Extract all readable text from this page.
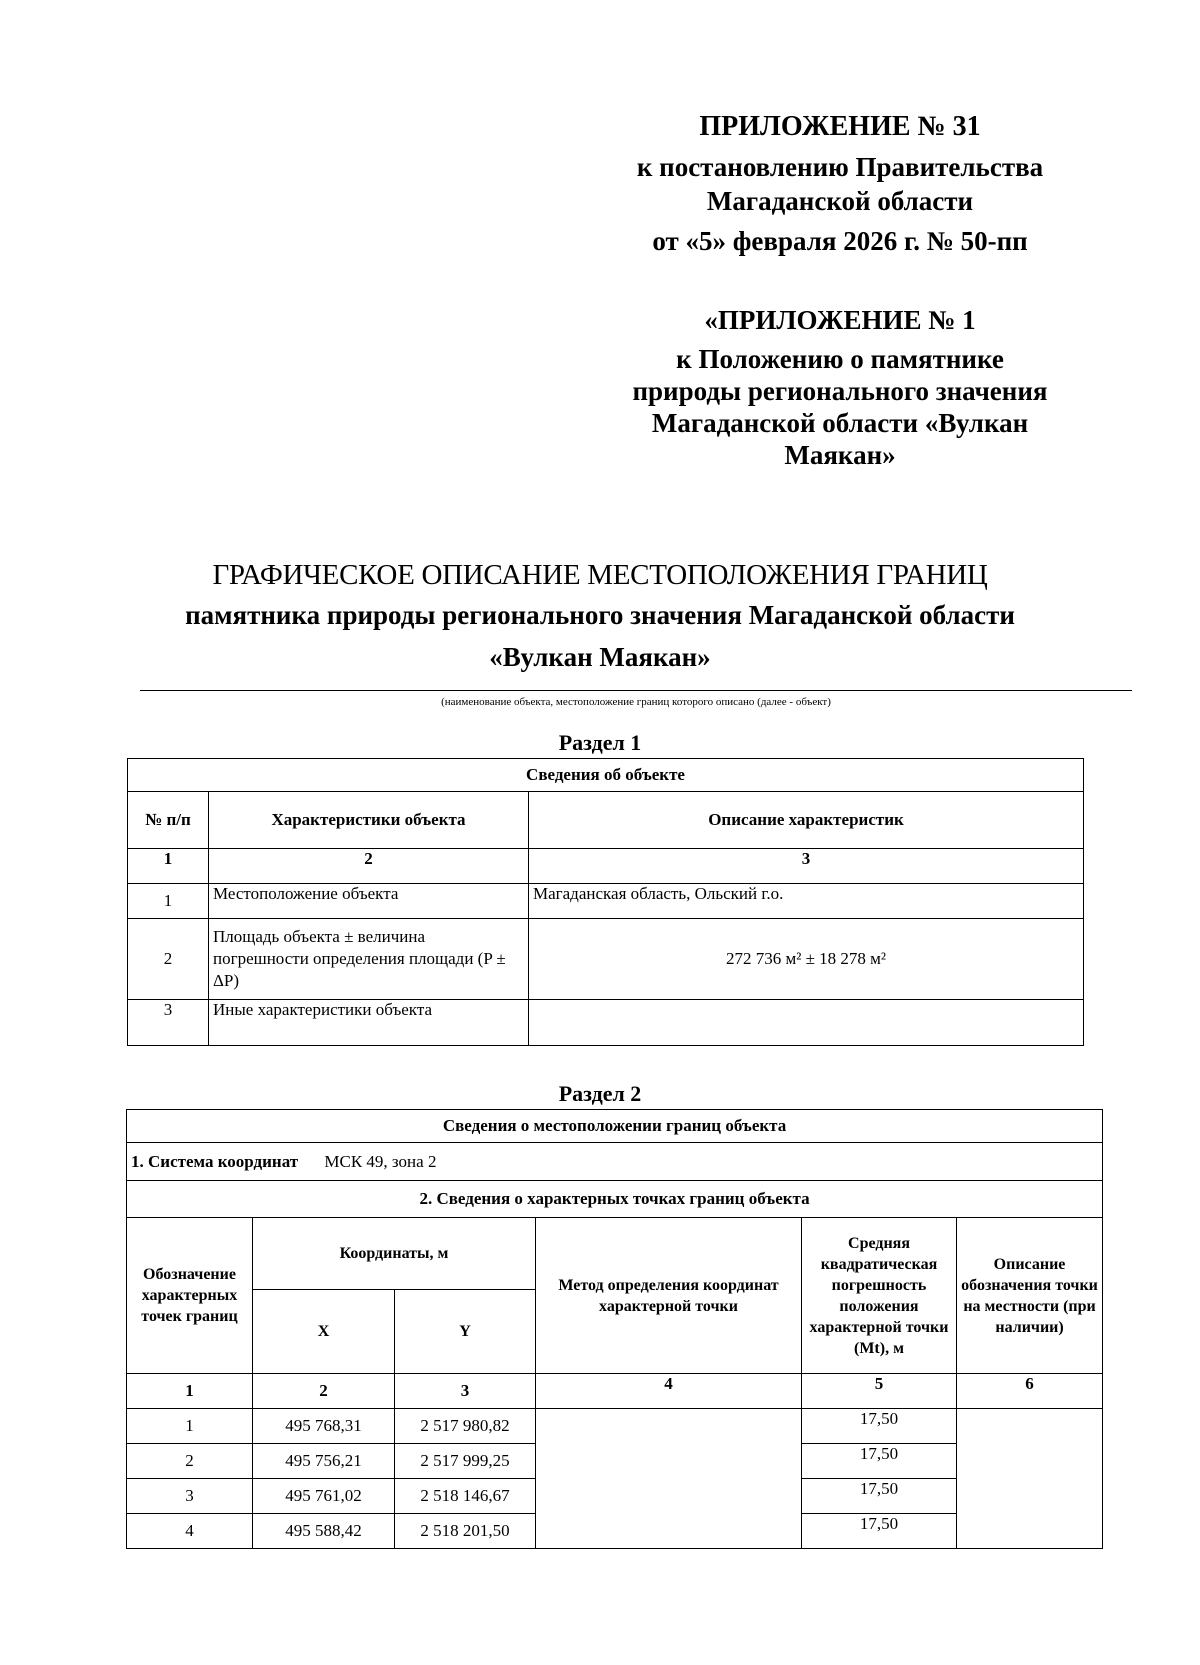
ПРИЛОЖЕНИЕ № 31
к постановлению Правительства
Магаданской области
от «5» февраля 2026 г. № 50-пп
«ПРИЛОЖЕНИЕ № 1
к Положению о памятнике
природы регионального значения
Магаданской области «Вулкан
Маякан»
ГРАФИЧЕСКОЕ ОПИСАНИЕ МЕСТОПОЛОЖЕНИЯ ГРАНИЦ
памятника природы регионального значения Магаданской области
«Вулкан Маякан»
(наименование объекта, местоположение границ которого описано (далее - объект)
Раздел 1
Сведения об объекте		
№ п/п	Характеристики объекта	Описание характеристик
1	2	3
1	Местоположение объекта	Магаданская область, Ольский г.о.
2	Площадь объекта ± величина погрешности определения площади (P ± ΔP)	272 736 м² ± 18 278 м²
3	Иные характеристики объекта	
Раздел 2
Сведения о местоположении границ объекта					
1. Система координат МСК 49, зона 2					
2. Сведения о характерных точках границ объекта					
Обозначение характерных точек границ	Координаты, м		Метод определения координат характерной точки	Средняя квадратическая погрешность положения характерной точки (Mt), м	Описание обозначения точки на местности (при наличии)
	X	Y			
1	2	3	4	5	6
1	495 768,31	2 517 980,82		17,50	
2	495 756,21	2 517 999,25		17,50	
3	495 761,02	2 518 146,67		17,50	
4	495 588,42	2 518 201,50		17,50	
